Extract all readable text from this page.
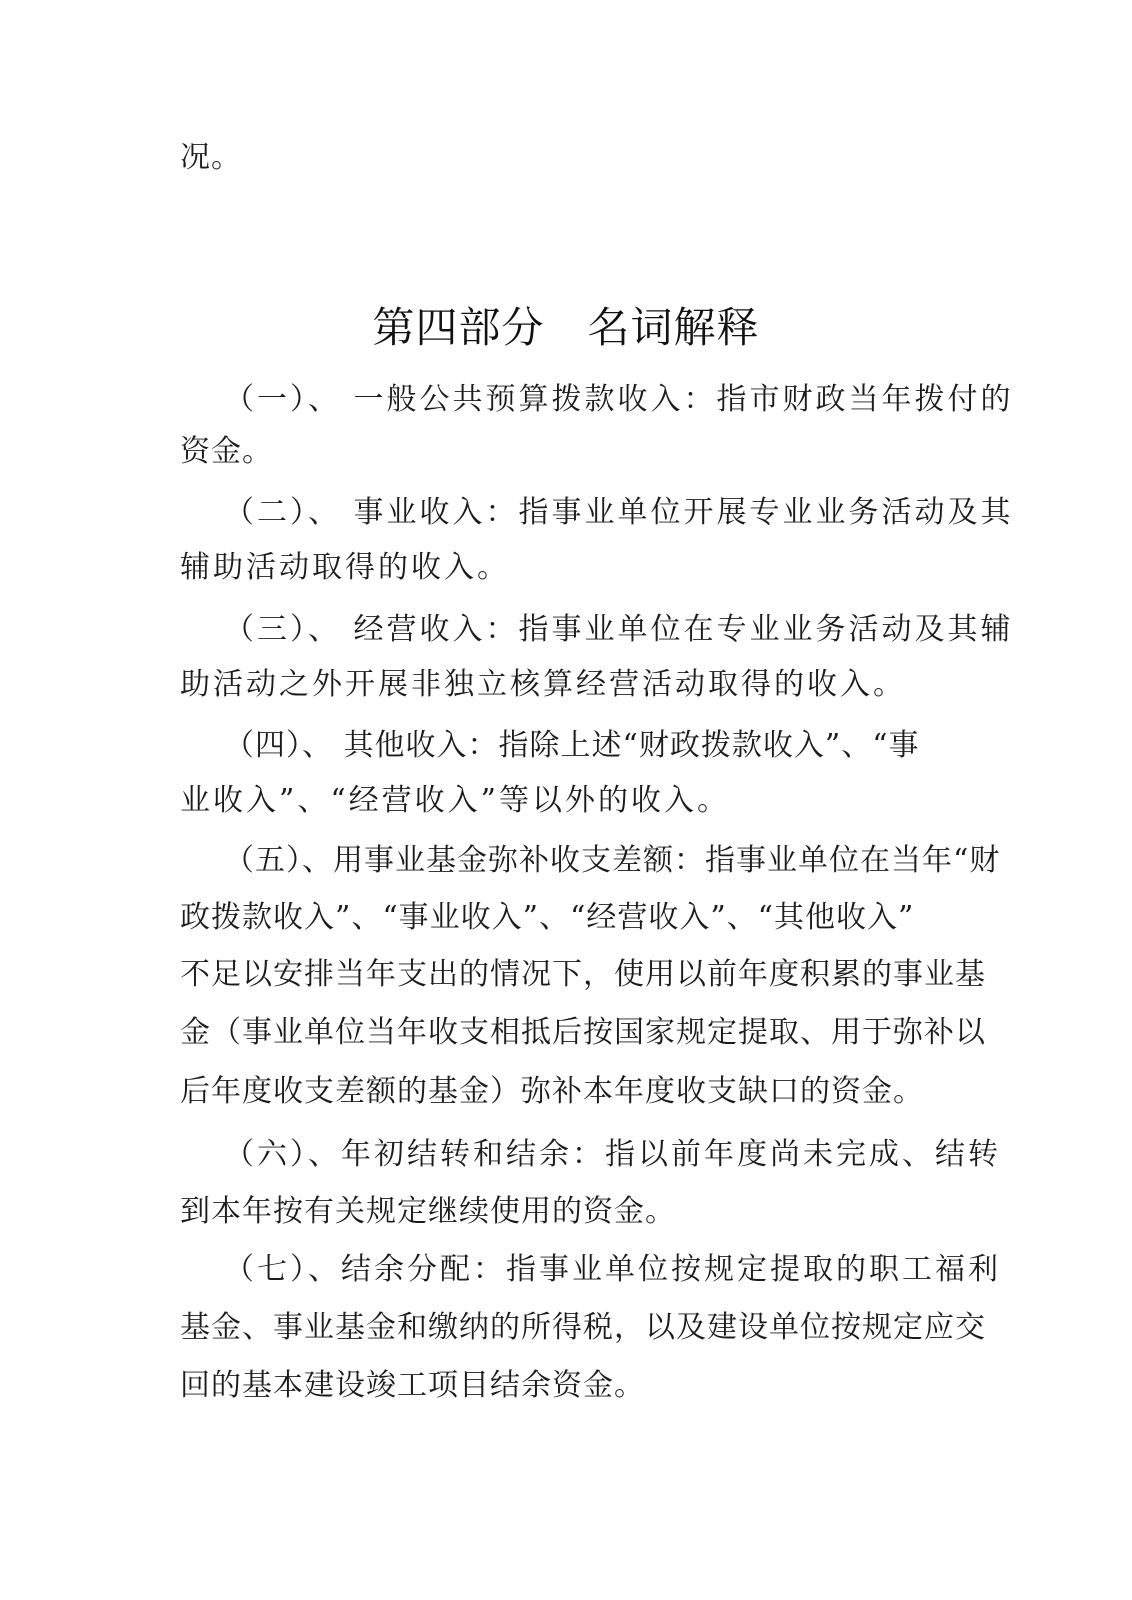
况。
第四部分　名词解释
（一）、 一般公共预算拨款收入：指市财政当年拨付的
资金。
（二）、 事业收入：指事业单位开展专业业务活动及其
辅助活动取得的收入。
（三）、 经营收入：指事业单位在专业业务活动及其辅
助活动之外开展非独立核算经营活动取得的收入。
（四）、 其他收入：指除上述“财政拨款收入”、“事
业收入”、“经营收入”等以外的收入。
（五）、用事业基金弥补收支差额：指事业单位在当年“财
政拨款收入”、“事业收入”、“经营收入”、“其他收入”
不足以安排当年支出的情况下，使用以前年度积累的事业基
金（事业单位当年收支相抵后按国家规定提取、用于弥补以
后年度收支差额的基金）弥补本年度收支缺口的资金。
（六）、年初结转和结余：指以前年度尚未完成、结转
到本年按有关规定继续使用的资金。
（七）、结余分配：指事业单位按规定提取的职工福利
基金、事业基金和缴纳的所得税，以及建设单位按规定应交
回的基本建设竣工项目结余资金。
